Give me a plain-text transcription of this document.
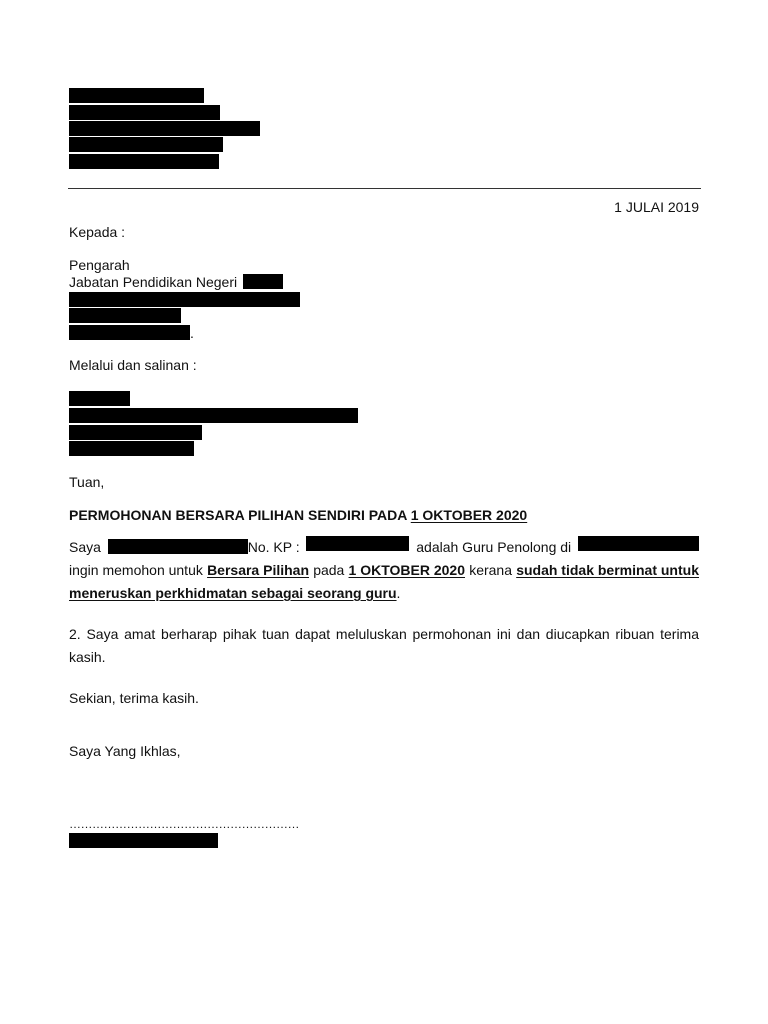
1 JULAI 2019
Kepada :
Pengarah
Jabatan Pendidikan Negeri
.
Melalui dan salinan :
Tuan,
PERMOHONAN BERSARA PILIHAN SENDIRI PADA 1 OKTOBER 2020
Saya	No. KP :	adalah Guru Penolong di
ingin memohon untuk Bersara Pilihan pada 1 OKTOBER 2020 kerana sudah tidak berminat untuk
meneruskan perkhidmatan sebagai seorang guru.
2. Saya amat berharap pihak tuan dapat meluluskan permohonan ini dan diucapkan ribuan terima kasih.
Sekian, terima kasih.
Saya Yang Ikhlas,
……………………………………………………
